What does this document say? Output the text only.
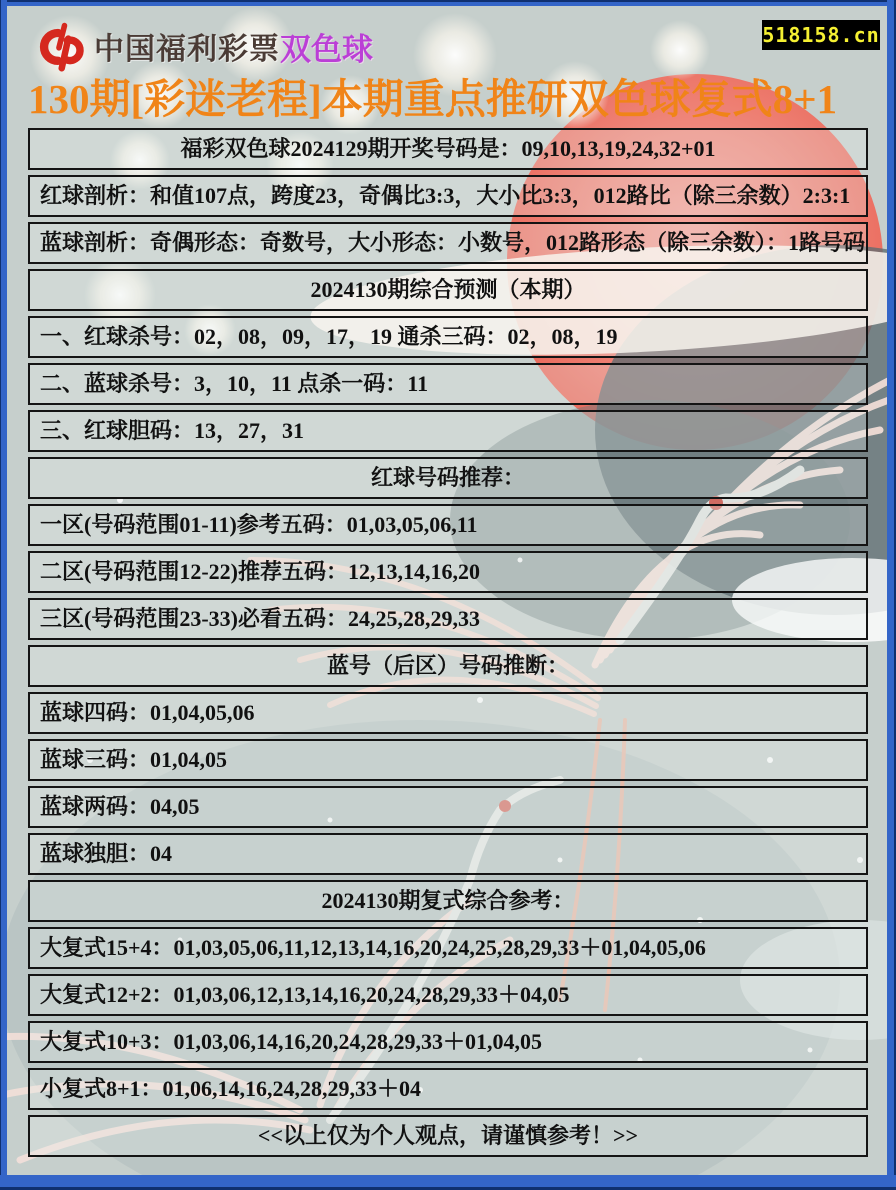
中国福利彩票 双色球	518158.cn
130期[彩迷老程]本期重点推研双色球复式8+1
福彩双色球2024129期开奖号码是：09,10,13,19,24,32+01
红球剖析：和值107点，跨度23，奇偶比3:3，大小比3:3，012路比（除三余数）2:3:1
蓝球剖析：奇偶形态：奇数号，大小形态：小数号，012路形态（除三余数）：1路号码
2024130期综合预测（本期）
一、红球杀号：02，08，09，17，19 通杀三码：02，08，19
二、蓝球杀号：3，10，11 点杀一码：11
三、红球胆码：13，27，31
红球号码推荐：
一区(号码范围01-11)参考五码：01,03,05,06,11
二区(号码范围12-22)推荐五码：12,13,14,16,20
三区(号码范围23-33)必看五码：24,25,28,29,33
蓝号（后区）号码推断：
蓝球四码：01,04,05,06
蓝球三码：01,04,05
蓝球两码：04,05
蓝球独胆：04
2024130期复式综合参考：
大复式15+4：01,03,05,06,11,12,13,14,16,20,24,25,28,29,33＋01,04,05,06
大复式12+2：01,03,06,12,13,14,16,20,24,28,29,33＋04,05
大复式10+3：01,03,06,14,16,20,24,28,29,33＋01,04,05
小复式8+1：01,06,14,16,24,28,29,33＋04
<<以上仅为个人观点，请谨慎参考！>>
